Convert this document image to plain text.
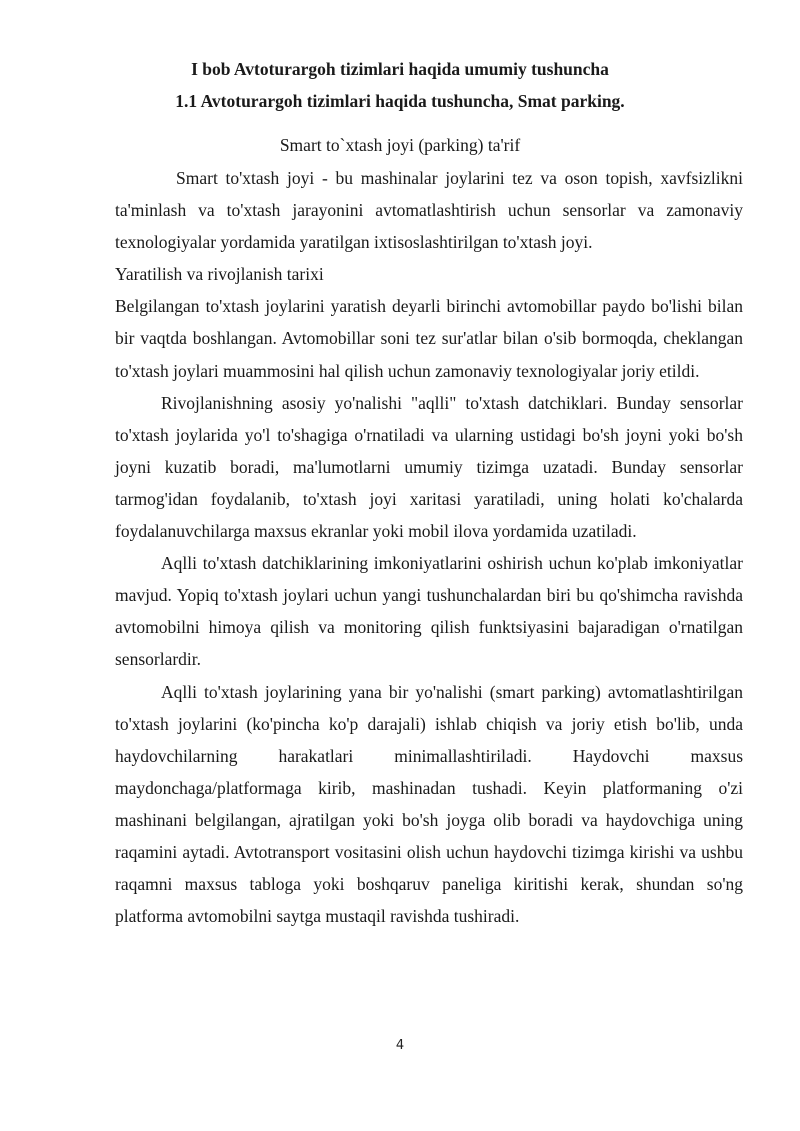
I bob Avtoturargoh tizimlari haqida umumiy tushuncha
1.1 Avtoturargoh tizimlari haqida tushuncha, Smat parking.
Smart to`xtash joyi (parking) ta'rif

Smart to'xtash joyi - bu mashinalar joylarini tez va oson topish, xavfsizlikni ta'minlash va to'xtash jarayonini avtomatlashtirish uchun sensorlar va zamonaviy texnologiyalar yordamida yaratilgan ixtisoslashtirilgan to'xtash joyi.

Yaratilish va rivojlanish tarixi

Belgilangan to'xtash joylarini yaratish deyarli birinchi avtomobillar paydo bo'lishi bilan bir vaqtda boshlangan. Avtomobillar soni tez sur'atlar bilan o'sib bormoqda, cheklangan to'xtash joylari muammosini hal qilish uchun zamonaviy texnologiyalar joriy etildi.

Rivojlanishning asosiy yo'nalishi "aqlli" to'xtash datchiklari. Bunday sensorlar to'xtash joylarida yo'l to'shagiga o'rnatiladi va ularning ustidagi bo'sh joyni yoki bo'sh joyni kuzatib boradi, ma'lumotlarni umumiy tizimga uzatadi. Bunday sensorlar tarmog'idan foydalanib, to'xtash joyi xaritasi yaratiladi, uning holati ko'chalarda foydalanuvchilarga maxsus ekranlar yoki mobil ilova yordamida uzatiladi.

Aqlli to'xtash datchiklarining imkoniyatlarini oshirish uchun ko'plab imkoniyatlar mavjud. Yopiq to'xtash joylari uchun yangi tushunchalardan biri bu qo'shimcha ravishda avtomobilni himoya qilish va monitoring qilish funktsiyasini bajaradigan o'rnatilgan sensorlardir.

Aqlli to'xtash joylarining yana bir yo'nalishi (smart parking) avtomatlashtirilgan to'xtash joylarini (ko'pincha ko'p darajali) ishlab chiqish va joriy etish bo'lib, unda haydovchilarning harakatlari minimallashtiriladi. Haydovchi maxsus maydonchaga/platformaga kirib, mashinadan tushadi. Keyin platformaning o'zi mashinani belgilangan, ajratilgan yoki bo'sh joyga olib boradi va haydovchiga uning raqamini aytadi. Avtotransport vositasini olish uchun haydovchi tizimga kirishi va ushbu raqamni maxsus tabloga yoki boshqaruv paneliga kiritishi kerak, shundan so'ng platforma avtomobilni saytga mustaqil ravishda tushiradi.

4
